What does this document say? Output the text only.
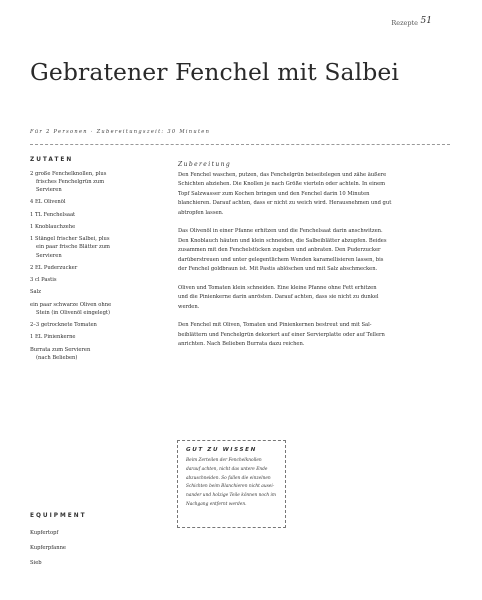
Rezepte 51
Gebratener Fenchel mit Salbei
Für 2 Personen · Zubereitungszeit: 30 Minuten
ZUTATEN
2 große Fenchelknollen, plus
frisches Fenchelgrün zum
Servieren
4 EL Olivenöl
1 TL Fenchelsaat
1 Knoblauchzehe
1 Stängel frischer Salbei, plus
ein paar frische Blätter zum
Servieren
2 EL Puderzucker
3 cl Pastis
Salz
ein paar schwarze Oliven ohne
Stein (in Olivenöl eingelegt)
2–3 getrocknete Tomaten
1 EL Pinienkerne
Burrata zum Servieren
(nach Belieben)
Zubereitung
Den Fenchel waschen, putzen, das Fenchelgrün beiseitelegen und zähe äußere
Schichten abziehen. Die Knollen je nach Größe vierteln oder achteln. In einem
Topf Salzwasser zum Kochen bringen und den Fenchel darin 10 Minuten
blanchieren. Darauf achten, dass er nicht zu weich wird. Herausnehmen und gut
abtropfen lassen.
Das Olivenöl in einer Pfanne erhitzen und die Fenchelsaat darin anschwitzen.
Den Knoblauch häuten und klein schneiden, die Salbeiblätter abzupfen. Beides
zusammen mit den Fenchelstücken zugeben und anbraten. Den Puderzucker
darüberstreuen und unter gelegentlichem Wenden karamellisieren lassen, bis
der Fenchel goldbraun ist. Mit Pastis ablöschen und mit Salz abschmecken.
Oliven und Tomaten klein schneiden. Eine kleine Pfanne ohne Fett erhitzen
und die Pinienkerne darin anrösten. Darauf achten, dass sie nicht zu dunkel
werden.
Den Fenchel mit Oliven, Tomaten und Pinienkernen bestreut und mit Sal-
beiblättern und Fenchelgrün dekoriert auf einer Servierplatte oder auf Tellern
anrichten. Nach Belieben Burrata dazu reichen.
GUT ZU WISSEN
Beim Zerteilen der Fenchelknollen
darauf achten, nicht das untere Ende
abzuschneiden. So fallen die einzelnen
Schichten beim Blanchieren nicht ausei-
nander und holzige Teile können noch im
Nachgang entfernt werden.
EQUIPMENT
Kupfertopf
Kupferpfanne
Sieb
